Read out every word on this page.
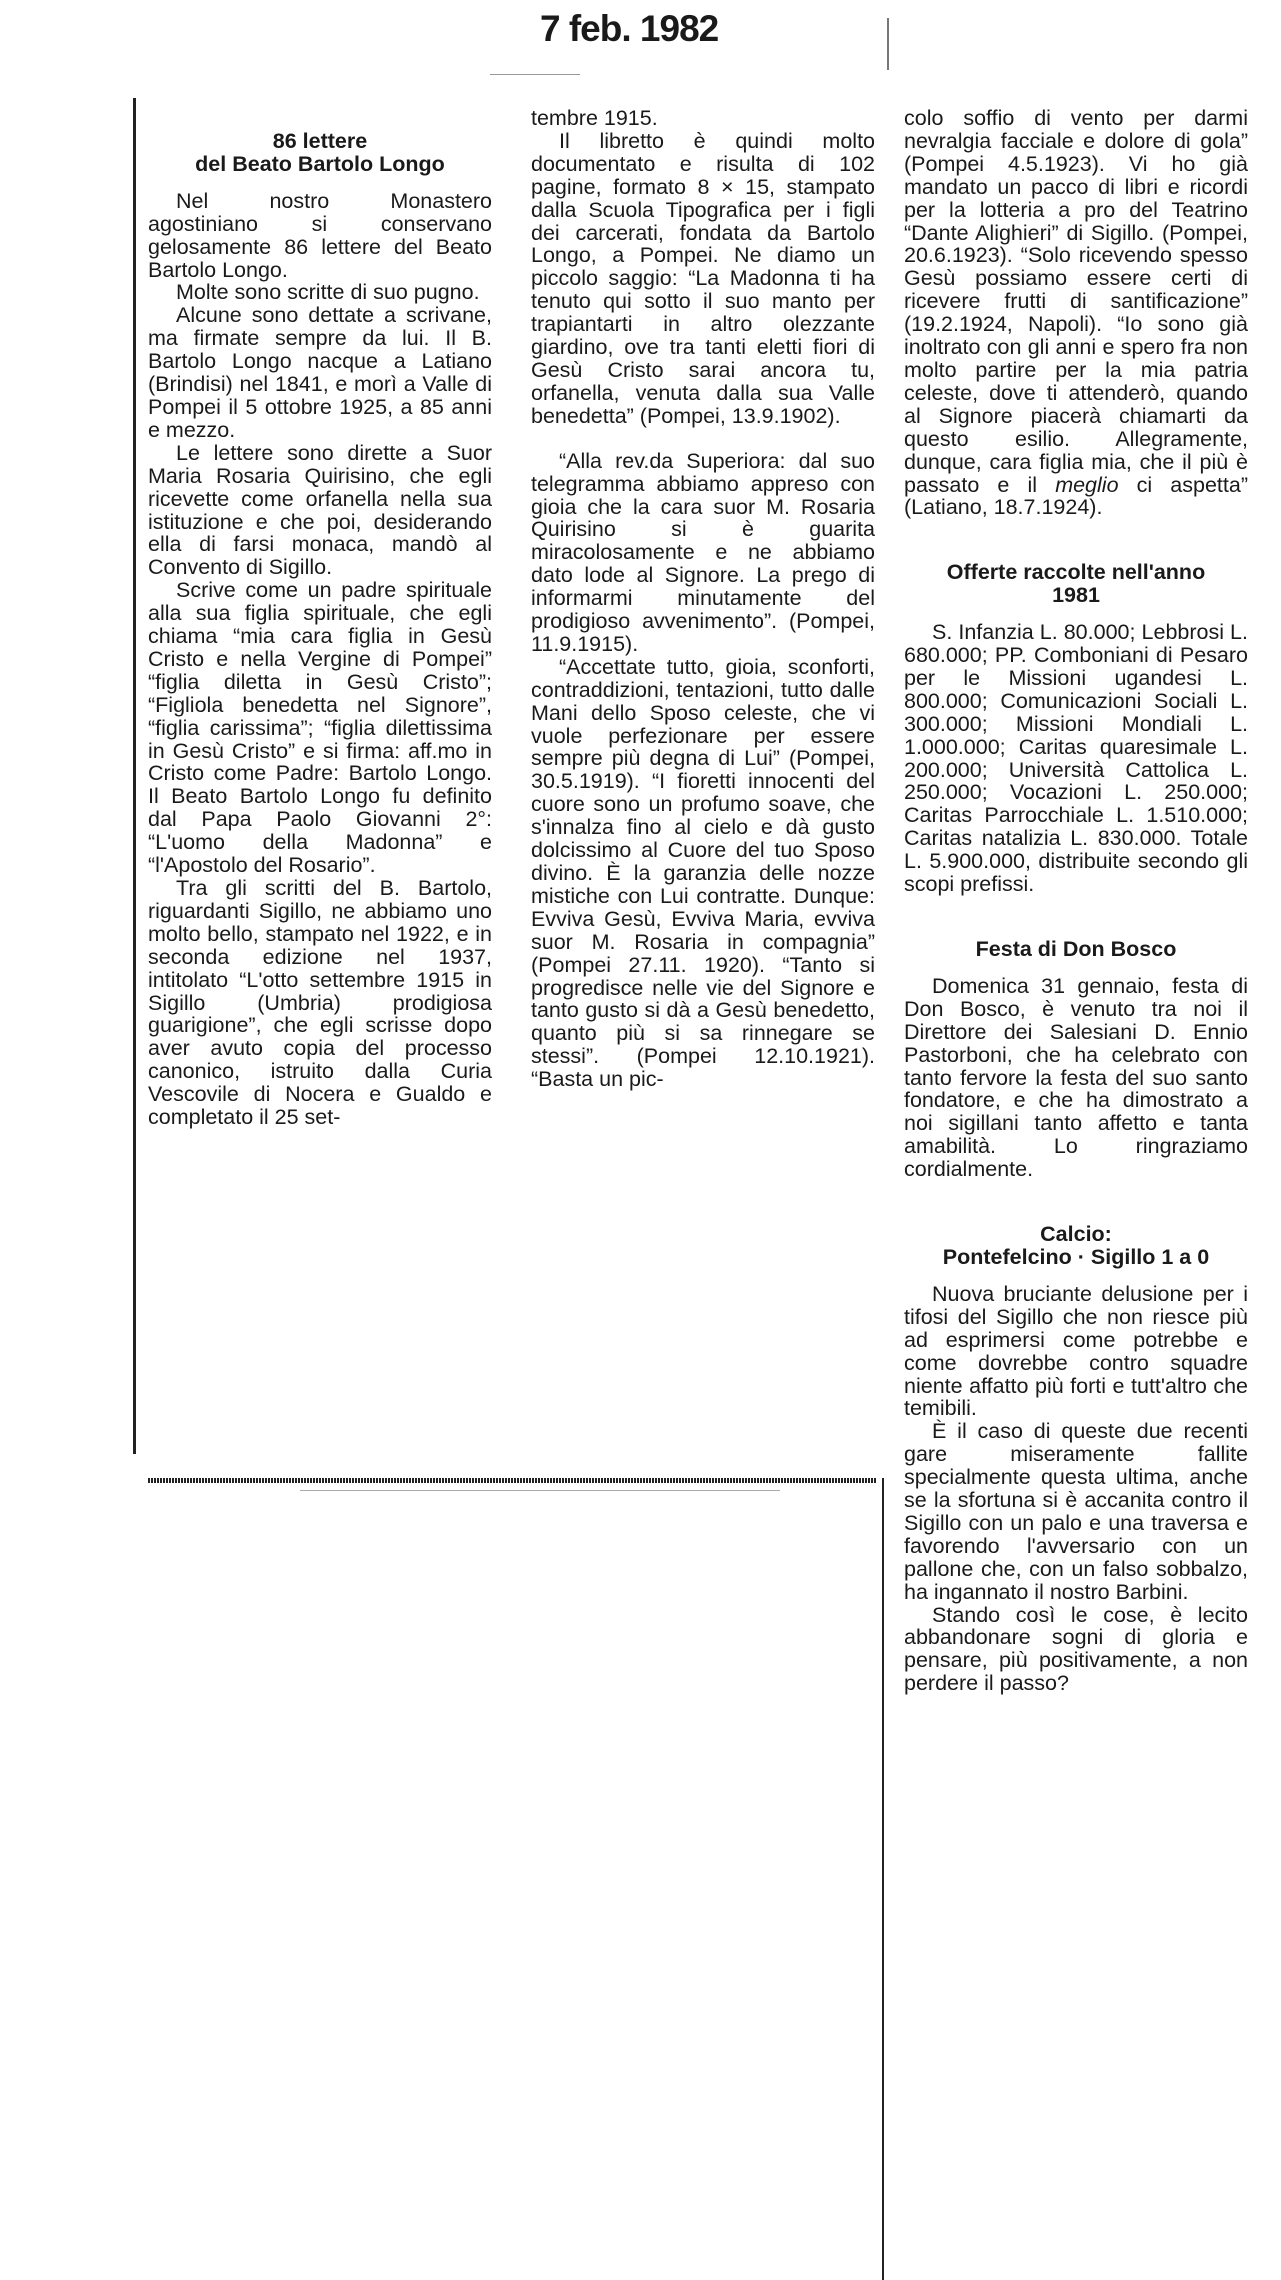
7 feb. 1982
86 lettere
del Beato Bartolo Longo

Nel nostro Monastero agostiniano si conservano gelosamente 86 lettere del Beato Bartolo Longo.

Molte sono scritte di suo pugno.

Alcune sono dettate a scrivane, ma firmate sempre da lui. Il B. Bartolo Longo nacque a Latiano (Brindisi) nel 1841, e morì a Valle di Pompei il 5 ottobre 1925, a 85 anni e mezzo.

Le lettere sono dirette a Suor Maria Rosaria Quirisino, che egli ricevette come orfanella nella sua istituzione e che poi, desiderando ella di farsi monaca, mandò al Convento di Sigillo.

Scrive come un padre spirituale alla sua figlia spirituale, che egli chiama “mia cara figlia in Gesù Cristo e nella Vergine di Pompei” “figlia diletta in Gesù Cristo”; “Figliola benedetta nel Signore”, “figlia carissima”; “figlia dilettissima in Gesù Cristo” e si firma: aff.mo in Cristo come Padre: Bartolo Longo. Il Beato Bartolo Longo fu definito dal Papa Paolo Giovanni 2°: “L'uomo della Madonna” e “l'Apostolo del Rosario”.

Tra gli scritti del B. Bartolo, riguardanti Sigillo, ne abbiamo uno molto bello, stampato nel 1922, e in seconda edizione nel 1937, intitolato “L'otto settembre 1915 in Sigillo (Umbria) prodigiosa guarigione”, che egli scrisse dopo aver avuto copia del processo canonico, istruito dalla Curia Vescovile di Nocera e Gualdo e completato il 25 set-

tembre 1915.

Il libretto è quindi molto documentato e risulta di 102 pagine, formato 8 × 15, stampato dalla Scuola Tipografica per i figli dei carcerati, fondata da Bartolo Longo, a Pompei. Ne diamo un piccolo saggio: “La Madonna ti ha tenuto qui sotto il suo manto per trapiantarti in altro olezzante giardino, ove tra tanti eletti fiori di Gesù Cristo sarai ancora tu, orfanella, venuta dalla sua Valle benedetta” (Pompei, 13.9.1902).

“Alla rev.da Superiora: dal suo telegramma abbiamo appreso con gioia che la cara suor M. Rosaria Quirisino si è guarita miracolosamente e ne abbiamo dato lode al Signore. La prego di informarmi minutamente del prodigioso avvenimento”. (Pompei, 11.9.1915).

“Accettate tutto, gioia, sconforti, contraddizioni, tentazioni, tutto dalle Mani dello Sposo celeste, che vi vuole perfezionare per essere sempre più degna di Lui” (Pompei, 30.5.1919). “I fioretti innocenti del cuore sono un profumo soave, che s'innalza fino al cielo e dà gusto dolcissimo al Cuore del tuo Sposo divino. È la garanzia delle nozze mistiche con Lui contratte. Dunque: Evviva Gesù, Evviva Maria, evviva suor M. Rosaria in compagnia” (Pompei 27.11. 1920). “Tanto si progredisce nelle vie del Signore e tanto gusto si dà a Gesù benedetto, quanto più si sa rinnegare se stessi”. (Pompei 12.10.1921). “Basta un pic-

colo soffio di vento per darmi nevralgia facciale e dolore di gola” (Pompei 4.5.1923). Vi ho già mandato un pacco di libri e ricordi per la lotteria a pro del Teatrino “Dante Alighieri” di Sigillo. (Pompei, 20.6.1923). “Solo ricevendo spesso Gesù possiamo essere certi di ricevere frutti di santificazione” (19.2.1924, Napoli). “Io sono già inoltrato con gli anni e spero fra non molto partire per la mia patria celeste, dove ti attenderò, quando al Signore piacerà chiamarti da questo esilio. Allegramente, dunque, cara figlia mia, che il più è passato e il meglio ci aspetta” (Latiano, 18.7.1924).

Offerte raccolte nell'anno
1981

S. Infanzia L. 80.000; Lebbrosi L. 680.000; PP. Comboniani di Pesaro per le Missioni ugandesi L. 800.000; Comunicazioni Sociali L. 300.000; Missioni Mondiali L. 1.000.000; Caritas quaresimale L. 200.000; Università Cattolica L. 250.000; Vocazioni L. 250.000; Caritas Parrocchiale L. 1.510.000; Caritas natalizia L. 830.000. Totale L. 5.900.000, distribuite secondo gli scopi prefissi.

Festa di Don Bosco

Domenica 31 gennaio, festa di Don Bosco, è venuto tra noi il Direttore dei Salesiani D. Ennio Pastorboni, che ha celebrato con tanto fervore la festa del suo santo fondatore, e che ha dimostrato a noi sigillani tanto affetto e tanta amabilità. Lo ringraziamo cordialmente.

Calcio:
Pontefelcino · Sigillo 1 a 0

Nuova bruciante delusione per i tifosi del Sigillo che non riesce più ad esprimersi come potrebbe e come dovrebbe contro squadre niente affatto più forti e tutt'altro che temibili.

È il caso di queste due recenti gare miseramente fallite specialmente questa ultima, anche se la sfortuna si è accanita contro il Sigillo con un palo e una traversa e favorendo l'avversario con un pallone che, con un falso sobbalzo, ha ingannato il nostro Barbini.

Stando così le cose, è lecito abbandonare sogni di gloria e pensare, più positivamente, a non perdere il passo?
